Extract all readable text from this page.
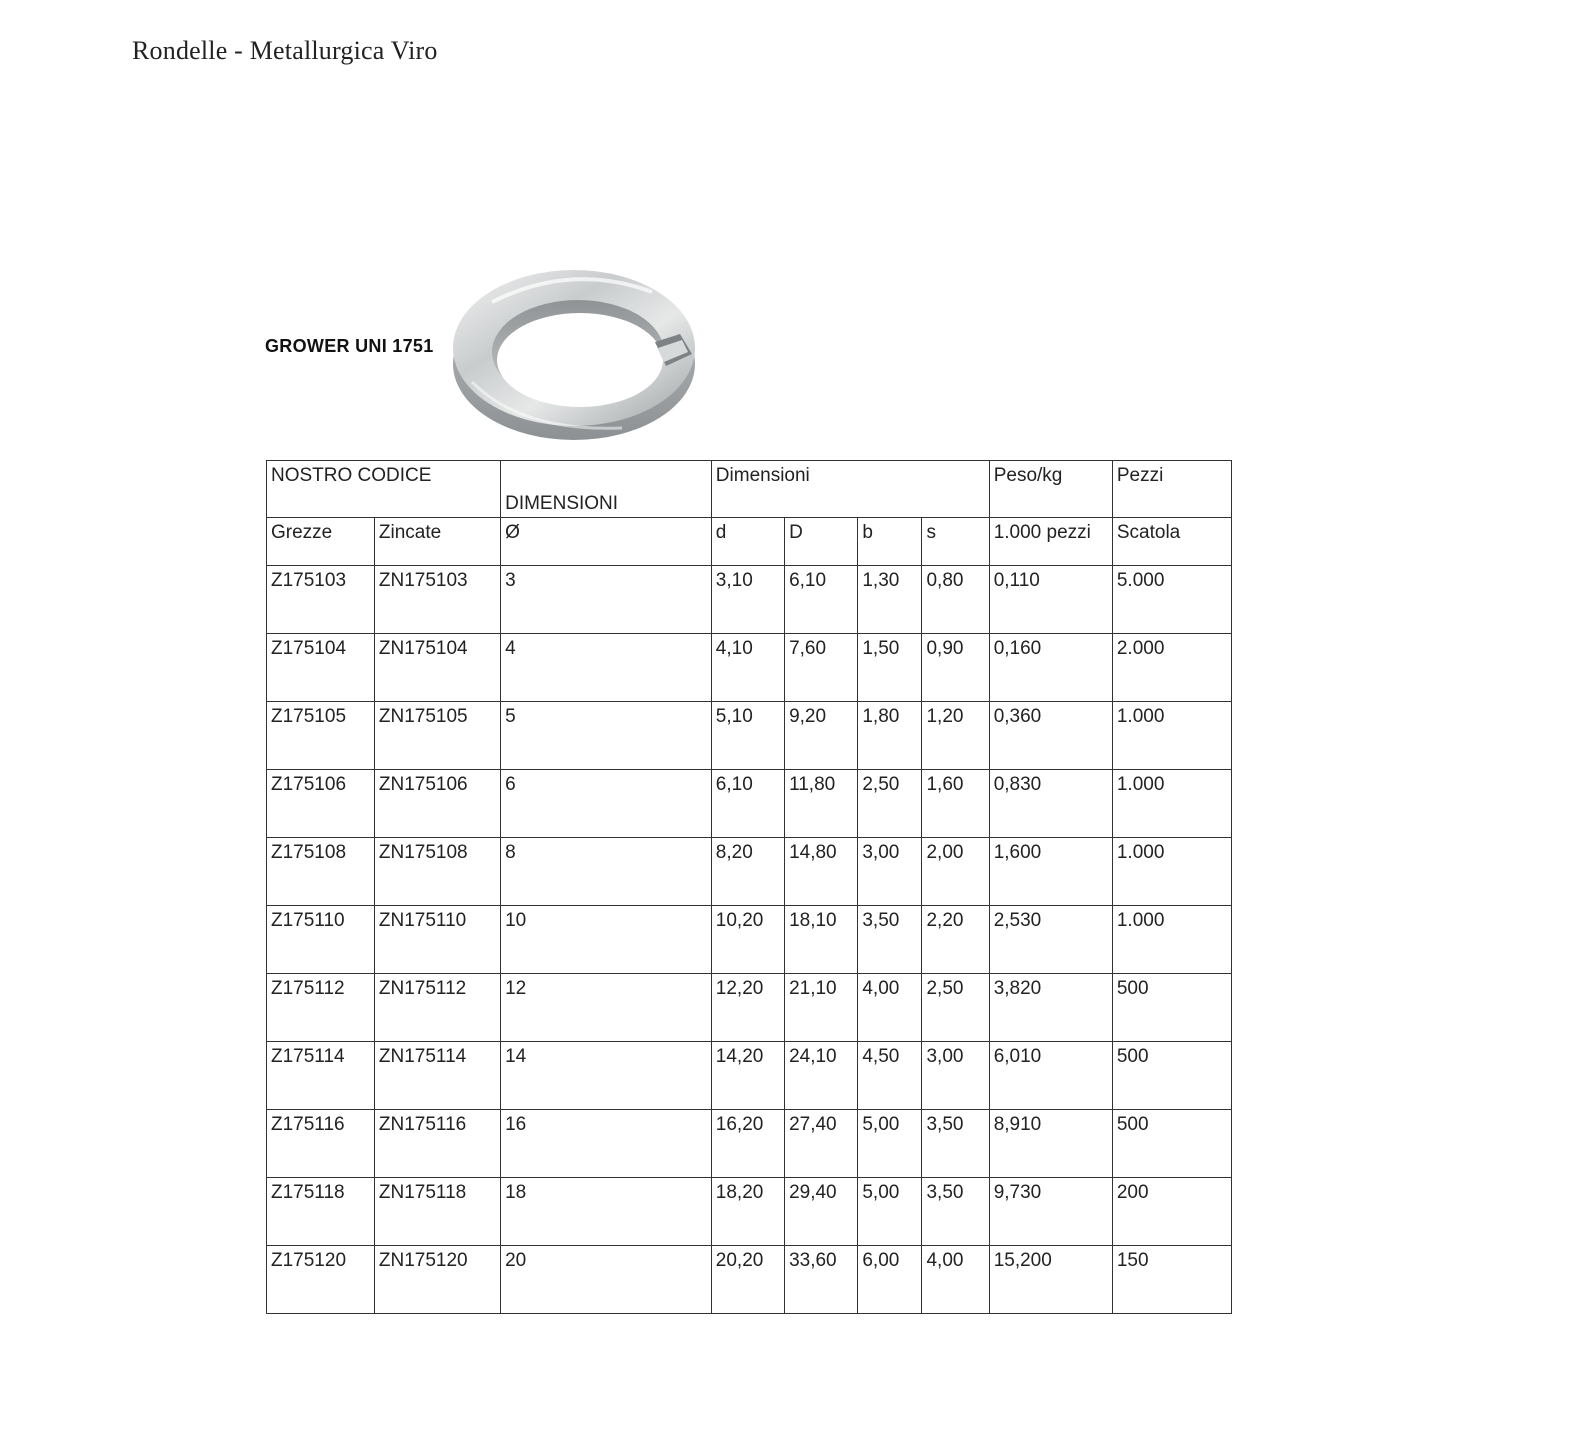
Rondelle - Metallurgica Viro
GROWER UNI 1751
NOSTRO CODICE		DIMENSIONI	Dimensioni				Peso/kg	Pezzi
Grezze	Zincate	Ø	d	D	b	s	1.000 pezzi	Scatola
Z175103	ZN175103	3	3,10	6,10	1,30	0,80	0,110	5.000
Z175104	ZN175104	4	4,10	7,60	1,50	0,90	0,160	2.000
Z175105	ZN175105	5	5,10	9,20	1,80	1,20	0,360	1.000
Z175106	ZN175106	6	6,10	11,80	2,50	1,60	0,830	1.000
Z175108	ZN175108	8	8,20	14,80	3,00	2,00	1,600	1.000
Z175110	ZN175110	10	10,20	18,10	3,50	2,20	2,530	1.000
Z175112	ZN175112	12	12,20	21,10	4,00	2,50	3,820	500
Z175114	ZN175114	14	14,20	24,10	4,50	3,00	6,010	500
Z175116	ZN175116	16	16,20	27,40	5,00	3,50	8,910	500
Z175118	ZN175118	18	18,20	29,40	5,00	3,50	9,730	200
Z175120	ZN175120	20	20,20	33,60	6,00	4,00	15,200	150
